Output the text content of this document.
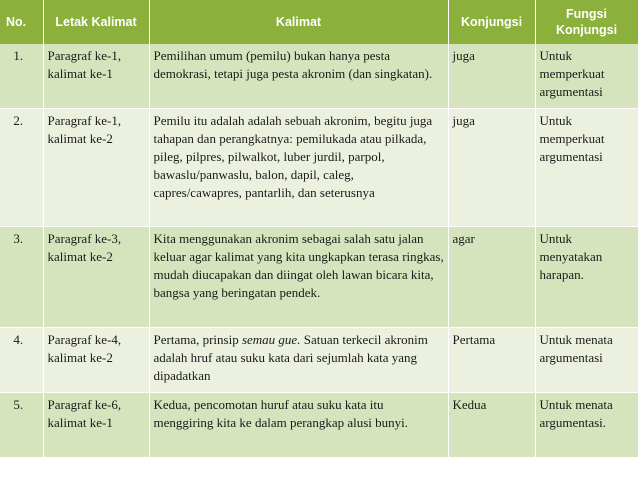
No.	Letak Kalimat	Kalimat	Konjungsi	Fungsi Konjungsi
1.	Paragraf ke-1, kalimat ke-1	Pemilihan umum (pemilu) bukan hanya pesta demokrasi, tetapi juga pesta akronim (dan singkatan).	juga	Untuk memperkuat argumentasi
2.	Paragraf ke-1, kalimat ke-2	Pemilu itu adalah adalah sebuah akronim, begitu juga tahapan dan perangkatnya: pemilukada atau pilkada, pileg, pilpres, pilwalkot, luber jurdil, parpol, bawaslu/panwaslu, balon, dapil, caleg, capres/cawapres, pantarlih, dan seterusnya	juga	Untuk memperkuat argumentasi
3.	Paragraf ke-3, kalimat ke-2	Kita menggunakan akronim sebagai salah satu jalan keluar agar kalimat yang kita ungkapkan terasa ringkas, mudah diucapakan dan diingat oleh lawan bicara kita, bangsa yang beringatan pendek.	agar	Untuk menyatakan harapan.
4.	Paragraf ke-4, kalimat ke-2	Pertama, prinsip semau gue. Satuan terkecil akronim adalah hruf atau suku kata dari sejumlah kata yang dipadatkan	Pertama	Untuk menata argumentasi
5.	Paragraf ke-6, kalimat ke-1	Kedua, pencomotan huruf atau suku kata itu menggiring kita ke dalam perangkap alusi bunyi.	Kedua	Untuk menata argumentasi.
